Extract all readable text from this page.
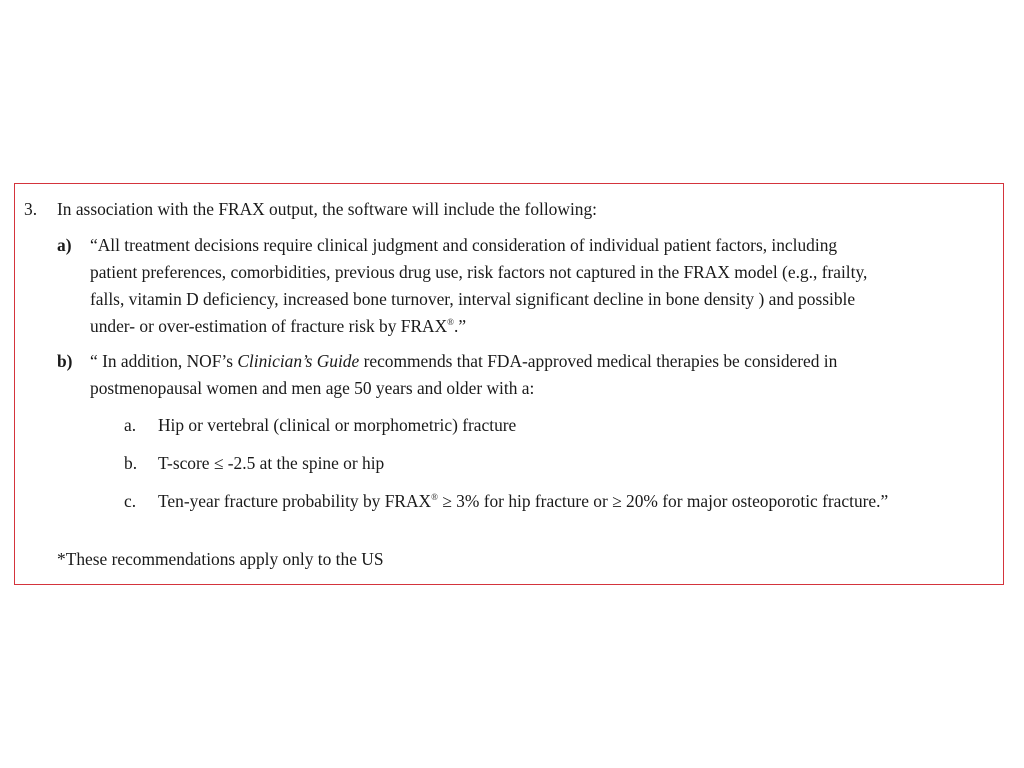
3. In association with the FRAX output, the software will include the following:
a) “All treatment decisions require clinical judgment and consideration of individual patient factors, including
patient preferences, comorbidities, previous drug use, risk factors not captured in the FRAX model (e.g., frailty,
falls, vitamin D deficiency, increased bone turnover, interval significant decline in bone density ) and possible
under- or over-estimation of fracture risk by FRAX®.”
b) “ In addition, NOF’s Clinician’s Guide recommends that FDA-approved medical therapies be considered in
postmenopausal women and men age 50 years and older with a:
a. Hip or vertebral (clinical or morphometric) fracture
b. T-score ≤ -2.5 at the spine or hip
c. Ten-year fracture probability by FRAX® ≥ 3% for hip fracture or ≥ 20% for major osteoporotic fracture.”
*These recommendations apply only to the US
